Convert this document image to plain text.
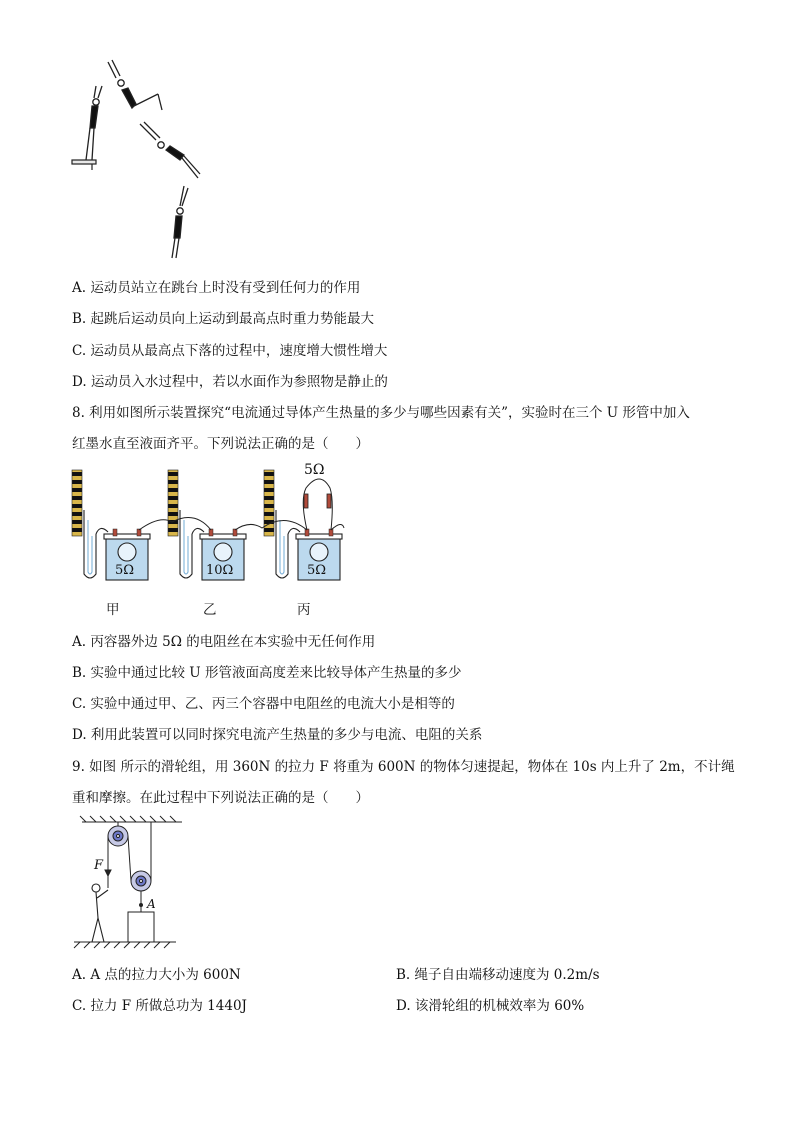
A. 运动员站立在跳台上时没有受到任何力的作用
B. 起跳后运动员向上运动到最高点时重力势能最大
C. 运动员从最高点下落的过程中，速度增大惯性增大
D. 运动员入水过程中，若以水面作为参照物是静止的
8. 利用如图所示装置探究“电流通过导体产生热量的多少与哪些因素有关”，实验时在三个 U 形管中加入
红墨水直至液面齐平。下列说法正确的是（　　）
5Ω
5Ω	10Ω	5Ω
甲	乙	丙
A. 丙容器外边 5Ω 的电阻丝在本实验中无任何作用
B. 实验中通过比较 U 形管液面高度差来比较导体产生热量的多少
C. 实验中通过甲、乙、丙三个容器中电阻丝的电流大小是相等的
D. 利用此装置可以同时探究电流产生热量的多少与电流、电阻的关系
9. 如图 所示的滑轮组，用 360N 的拉力 F 将重为 600N 的物体匀速提起，物体在 10s 内上升了 2m，不计绳
重和摩擦。在此过程中下列说法正确的是（　　）
F
A
A. A 点的拉力大小为 600N	B. 绳子自由端移动速度为 0.2m/s
C. 拉力 F 所做总功为 1440J	D. 该滑轮组的机械效率为 60%
